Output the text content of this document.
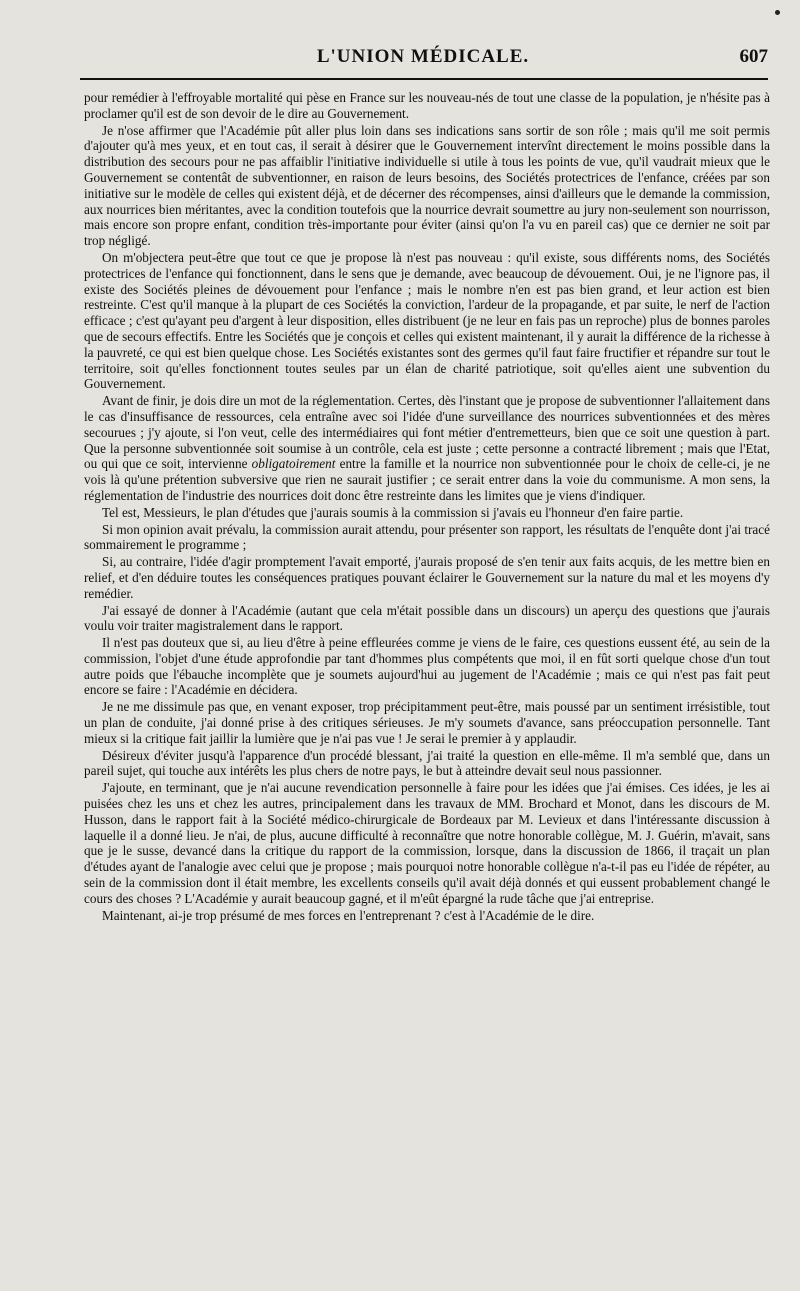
L'UNION MÉDICALE.	607

pour remédier à l'effroyable mortalité qui pèse en France sur les nouveau-nés de tout une classe de la population, je n'hésite pas à proclamer qu'il est de son devoir de le dire au Gouvernement.

Je n'ose affirmer que l'Académie pût aller plus loin dans ses indications sans sortir de son rôle ; mais qu'il me soit permis d'ajouter qu'à mes yeux, et en tout cas, il serait à désirer que le Gouvernement intervînt directement le moins possible dans la distribution des secours pour ne pas affaiblir l'initiative individuelle si utile à tous les points de vue, qu'il vaudrait mieux que le Gouvernement se contentât de subventionner, en raison de leurs besoins, des Sociétés protectrices de l'enfance, créées par son initiative sur le modèle de celles qui existent déjà, et de décerner des récompenses, ainsi d'ailleurs que le demande la commission, aux nourrices bien méritantes, avec la condition toutefois que la nourrice devrait soumettre au jury non-seulement son nourrisson, mais encore son propre enfant, condition très-importante pour éviter (ainsi qu'on l'a vu en pareil cas) que ce dernier ne soit par trop négligé.

On m'objectera peut-être que tout ce que je propose là n'est pas nouveau : qu'il existe, sous différents noms, des Sociétés protectrices de l'enfance qui fonctionnent, dans le sens que je demande, avec beaucoup de dévouement. Oui, je ne l'ignore pas, il existe des Sociétés pleines de dévouement pour l'enfance ; mais le nombre n'en est pas bien grand, et leur action est bien restreinte. C'est qu'il manque à la plupart de ces Sociétés la conviction, l'ardeur de la propagande, et par suite, le nerf de l'action efficace ; c'est qu'ayant peu d'argent à leur disposition, elles distribuent (je ne leur en fais pas un reproche) plus de bonnes paroles que de secours effectifs. Entre les Sociétés que je conçois et celles qui existent maintenant, il y aurait la différence de la richesse à la pauvreté, ce qui est bien quelque chose. Les Sociétés existantes sont des germes qu'il faut faire fructifier et répandre sur tout le territoire, soit qu'elles fonctionnent toutes seules par un élan de charité patriotique, soit qu'elles aient une subvention du Gouvernement.

Avant de finir, je dois dire un mot de la réglementation. Certes, dès l'instant que je propose de subventionner l'allaitement dans le cas d'insuffisance de ressources, cela entraîne avec soi l'idée d'une surveillance des nourrices subventionnées et des mères secourues ; j'y ajoute, si l'on veut, celle des intermédiaires qui font métier d'entremetteurs, bien que ce soit une question à part. Que la personne subventionnée soit soumise à un contrôle, cela est juste ; cette personne a contracté librement ; mais que l'Etat, ou qui que ce soit, intervienne obligatoirement entre la famille et la nourrice non subventionnée pour le choix de celle-ci, je ne vois là qu'une prétention subversive que rien ne saurait justifier ; ce serait entrer dans la voie du communisme. A mon sens, la réglementation de l'industrie des nourrices doit donc être restreinte dans les limites que je viens d'indiquer.

Tel est, Messieurs, le plan d'études que j'aurais soumis à la commission si j'avais eu l'honneur d'en faire partie.

Si mon opinion avait prévalu, la commission aurait attendu, pour présenter son rapport, les résultats de l'enquête dont j'ai tracé sommairement le programme ;

Si, au contraire, l'idée d'agir promptement l'avait emporté, j'aurais proposé de s'en tenir aux faits acquis, de les mettre bien en relief, et d'en déduire toutes les conséquences pratiques pouvant éclairer le Gouvernement sur la nature du mal et les moyens d'y remédier.

J'ai essayé de donner à l'Académie (autant que cela m'était possible dans un discours) un aperçu des questions que j'aurais voulu voir traiter magistralement dans le rapport.

Il n'est pas douteux que si, au lieu d'être à peine effleurées comme je viens de le faire, ces questions eussent été, au sein de la commission, l'objet d'une étude approfondie par tant d'hommes plus compétents que moi, il en fût sorti quelque chose d'un tout autre poids que l'ébauche incomplète que je soumets aujourd'hui au jugement de l'Académie ; mais ce qui n'est pas fait peut encore se faire : l'Académie en décidera.

Je ne me dissimule pas que, en venant exposer, trop précipitamment peut-être, mais poussé par un sentiment irrésistible, tout un plan de conduite, j'ai donné prise à des critiques sérieuses. Je m'y soumets d'avance, sans préoccupation personnelle. Tant mieux si la critique fait jaillir la lumière que je n'ai pas vue ! Je serai le premier à y applaudir.

Désireux d'éviter jusqu'à l'apparence d'un procédé blessant, j'ai traité la question en elle-même. Il m'a semblé que, dans un pareil sujet, qui touche aux intérêts les plus chers de notre pays, le but à atteindre devait seul nous passionner.

J'ajoute, en terminant, que je n'ai aucune revendication personnelle à faire pour les idées que j'ai émises. Ces idées, je les ai puisées chez les uns et chez les autres, principalement dans les travaux de MM. Brochard et Monot, dans les discours de M. Husson, dans le rapport fait à la Société médico-chirurgicale de Bordeaux par M. Levieux et dans l'intéressante discussion à laquelle il a donné lieu. Je n'ai, de plus, aucune difficulté à reconnaître que notre honorable collègue, M. J. Guérin, m'avait, sans que je le susse, devancé dans la critique du rapport de la commission, lorsque, dans la discussion de 1866, il traçait un plan d'études ayant de l'analogie avec celui que je propose ; mais pourquoi notre honorable collègue n'a-t-il pas eu l'idée de répéter, au sein de la commission dont il était membre, les excellents conseils qu'il avait déjà donnés et qui eussent probablement changé le cours des choses ? L'Académie y aurait beaucoup gagné, et il m'eût épargné la rude tâche que j'ai entreprise.

Maintenant, ai-je trop présumé de mes forces en l'entreprenant ? c'est à l'Académie de le dire.
